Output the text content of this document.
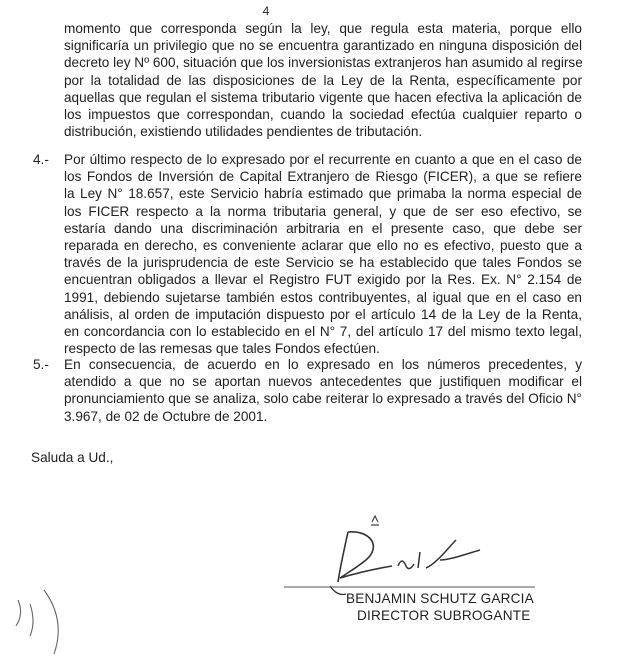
4

momento que corresponda según la ley, que regula esta materia, porque ello
significaría un privilegio que no se encuentra garantizado en ninguna disposición del
decreto ley Nº 600, situación que los inversionistas extranjeros han asumido al regirse
por la totalidad de las disposiciones de la Ley de la Renta, específicamente por
aquellas que regulan el sistema tributario vigente que hacen efectiva la aplicación de
los impuestos que correspondan, cuando la sociedad efectúa cualquier reparto o
distribución, existiendo utilidades pendientes de tributación.

4.- Por último respecto de lo expresado por el recurrente en cuanto a que en el caso de
los Fondos de Inversión de Capital Extranjero de Riesgo (FICER), a que se refiere
la Ley N° 18.657, este Servicio habría estimado que primaba la norma especial de
los FICER respecto a la norma tributaria general, y que de ser eso efectivo, se
estaría dando una discriminación arbitraria en el presente caso, que debe ser
reparada en derecho, es conveniente aclarar que ello no es efectivo, puesto que a
través de la jurisprudencia de este Servicio se ha establecido que tales Fondos se
encuentran obligados a llevar el Registro FUT exigido por la Res. Ex. N° 2.154 de
1991, debiendo sujetarse también estos contribuyentes, al igual que en el caso en
análisis, al orden de imputación dispuesto por el artículo 14 de la Ley de la Renta,
en concordancia con lo establecido en el N° 7, del artículo 17 del mismo texto legal,
respecto de las remesas que tales Fondos efectúen.

5.- En consecuencia, de acuerdo en lo expresado en los números precedentes, y
atendido a que no se aportan nuevos antecedentes que justifiquen modificar el
pronunciamiento que se analiza, solo cabe reiterar lo expresado a través del Oficio N°
3.967, de 02 de Octubre de 2001.

Saluda a Ud.,
BENJAMIN SCHUTZ GARCIA
DIRECTOR SUBROGANTE
